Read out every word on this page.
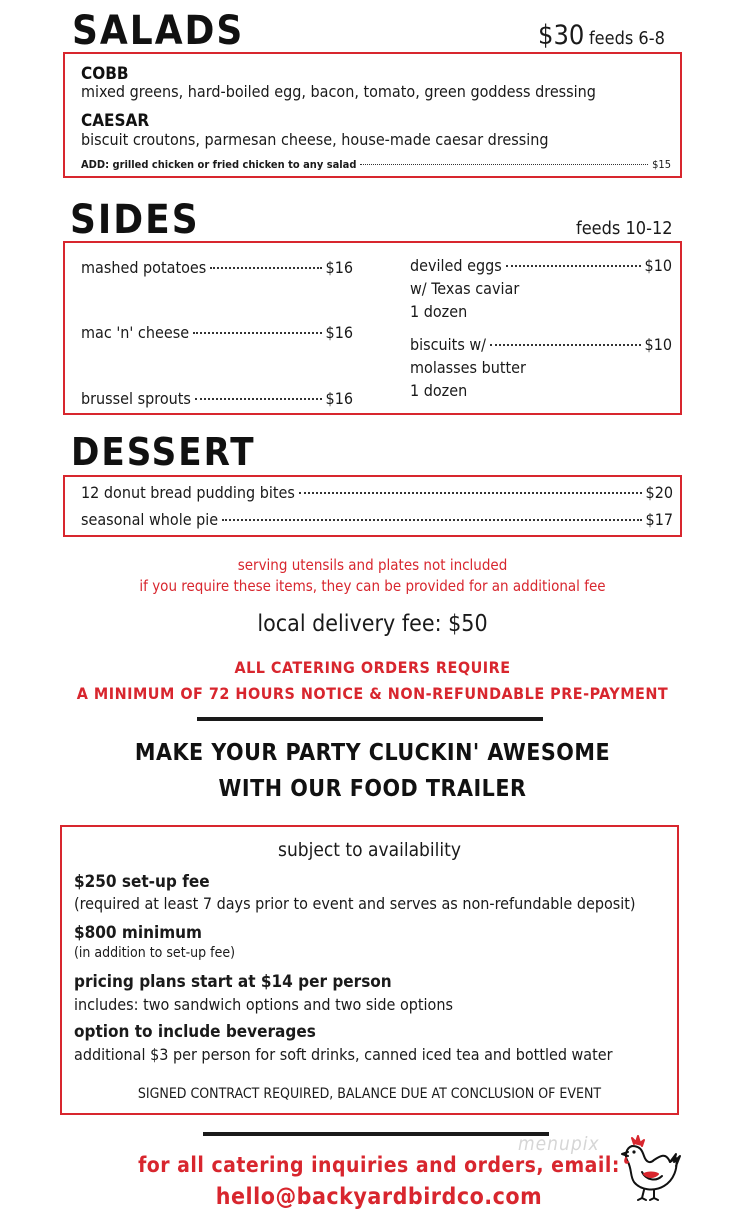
SALADS	$30 feeds 6-8
COBB
mixed greens, hard-boiled egg, bacon, tomato, green goddess dressing
CAESAR
biscuit croutons, parmesan cheese, house-made caesar dressing
ADD: grilled chicken or fried chicken to any salad	$15
SIDES	feeds 10-12
mashed potatoes	$16
mac 'n' cheese	$16
brussel sprouts	$16
deviled eggs	$10
w/ Texas caviar
1 dozen
biscuits w/	$10
molasses butter
1 dozen
DESSERT
12 donut bread pudding bites	$20
seasonal whole pie	$17
serving utensils and plates not included
if you require these items, they can be provided for an additional fee
local delivery fee: $50
ALL CATERING ORDERS REQUIRE
A MINIMUM OF 72 HOURS NOTICE & NON-REFUNDABLE PRE-PAYMENT
MAKE YOUR PARTY CLUCKIN' AWESOME
WITH OUR FOOD TRAILER
subject to availability
$250 set-up fee
(required at least 7 days prior to event and serves as non-refundable deposit)
$800 minimum
(in addition to set-up fee)
pricing plans start at $14 per person
includes: two sandwich options and two side options
option to include beverages
additional $3 per person for soft drinks, canned iced tea and bottled water
SIGNED CONTRACT REQUIRED, BALANCE DUE AT CONCLUSION OF EVENT
for all catering inquiries and orders, email:
hello@backyardbirdco.com
menupix
